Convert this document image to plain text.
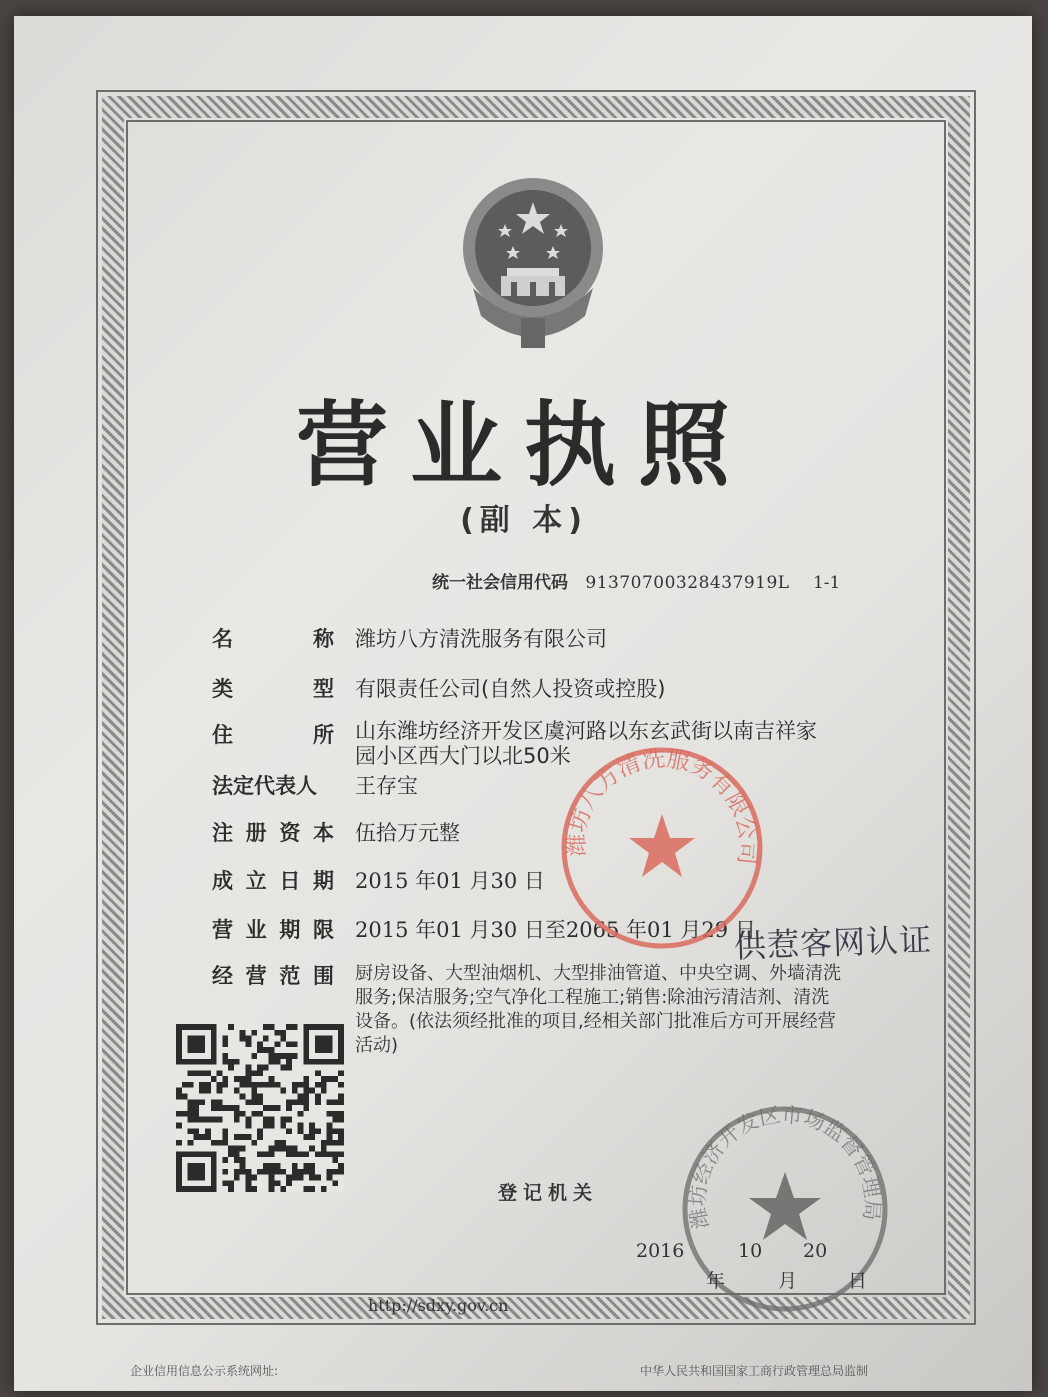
营业执照
(副 本)
统一社会信用代码 91370700328437919L 1-1
名	称 潍坊八方清洗服务有限公司
类	型 有限责任公司(自然人投资或控股)
住	所 山东潍坊经济开发区虞河路以东玄武街以南吉祥家园小区西大门以北50米
法定代表人 王存宝
注 册 资 本 伍拾万元整
成 立 日 期 2015 年01 月30 日
营 业 期 限 2015 年01 月30 日至2065 年01 月29 日
经 营 范 围 厨房设备、大型油烟机、大型排油管道、中央空调、外墙清洗服务;保洁服务;空气净化工程施工;销售:除油污清洁剂、清洗设备。(依法须经批准的项目,经相关部门批准后方可开展经营活动)
供惹客网认证
潍坊八方清洗服务有限公司
潍坊经济开发区市场监督管理局
登记机关
2016	10 20
年	月	日
http://sdxy.gov.cn
企业信用信息公示系统网址:	中华人民共和国国家工商行政管理总局监制
